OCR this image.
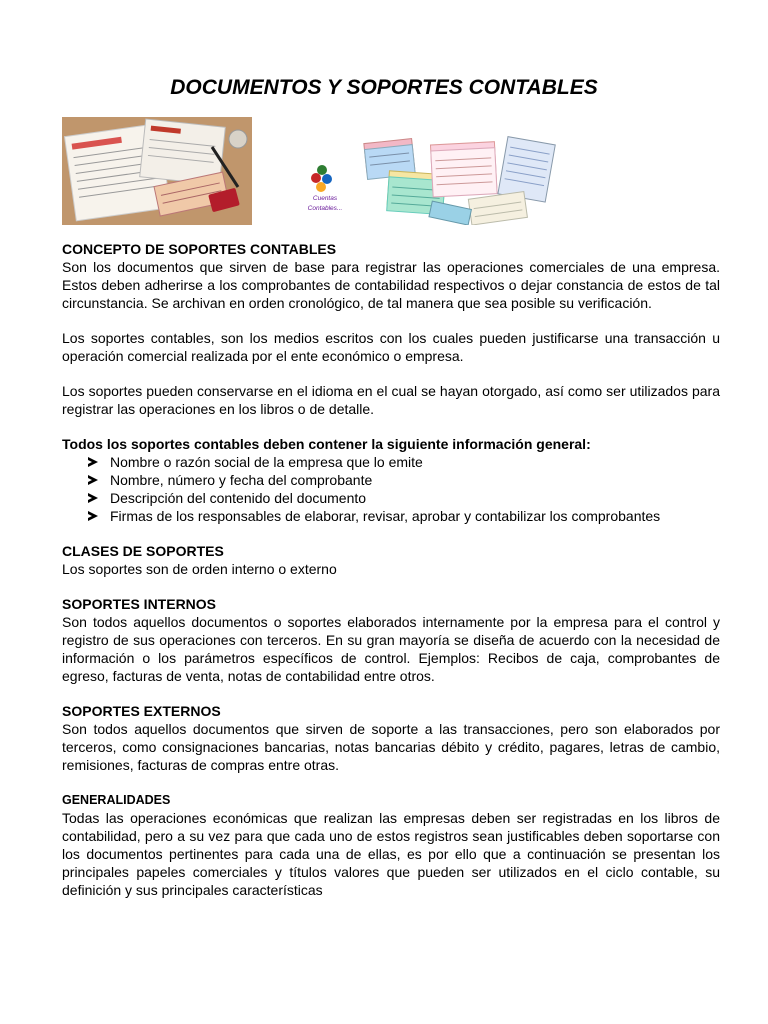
DOCUMENTOS Y SOPORTES CONTABLES
Cuentas
Contables...
CONCEPTO DE SOPORTES CONTABLES

Son los documentos que sirven de base para registrar las operaciones comerciales de una empresa. Estos deben adherirse a los comprobantes de contabilidad respectivos o dejar constancia de estos de tal circunstancia. Se archivan en orden cronológico, de tal manera que sea posible su verificación.

Los soportes contables, son los medios escritos con los cuales pueden justificarse una transacción u operación comercial realizada por el ente económico o empresa.

Los soportes pueden conservarse en el idioma en el cual se hayan otorgado, así como ser utilizados para registrar las operaciones en los libros o de detalle.

Todos los soportes contables deben contener la siguiente información general:

Nombre o razón social de la empresa que lo emite
Nombre, número y fecha del comprobante
Descripción del contenido del documento
Firmas de los responsables de elaborar, revisar, aprobar y contabilizar los comprobantes
CLASES DE SOPORTES

Los soportes son de orden interno o externo

SOPORTES INTERNOS

Son todos aquellos documentos o soportes elaborados internamente por la empresa para el control y registro de sus operaciones con terceros. En su gran mayoría se diseña de acuerdo con la necesidad de información o los parámetros específicos de control. Ejemplos: Recibos de caja, comprobantes de egreso, facturas de venta, notas de contabilidad entre otros.

SOPORTES EXTERNOS

Son todos aquellos documentos que sirven de soporte a las transacciones, pero son elaborados por terceros, como consignaciones bancarias, notas bancarias débito y crédito, pagares, letras de cambio, remisiones, facturas de compras entre otras.

GENERALIDADES

Todas las operaciones económicas que realizan las empresas deben ser registradas en los libros de contabilidad, pero a su vez para que cada uno de estos registros sean justificables deben soportarse con los documentos pertinentes para cada una de ellas, es por ello que a continuación se presentan los principales papeles comerciales y títulos valores que pueden ser utilizados en el ciclo contable, su definición y sus principales características
